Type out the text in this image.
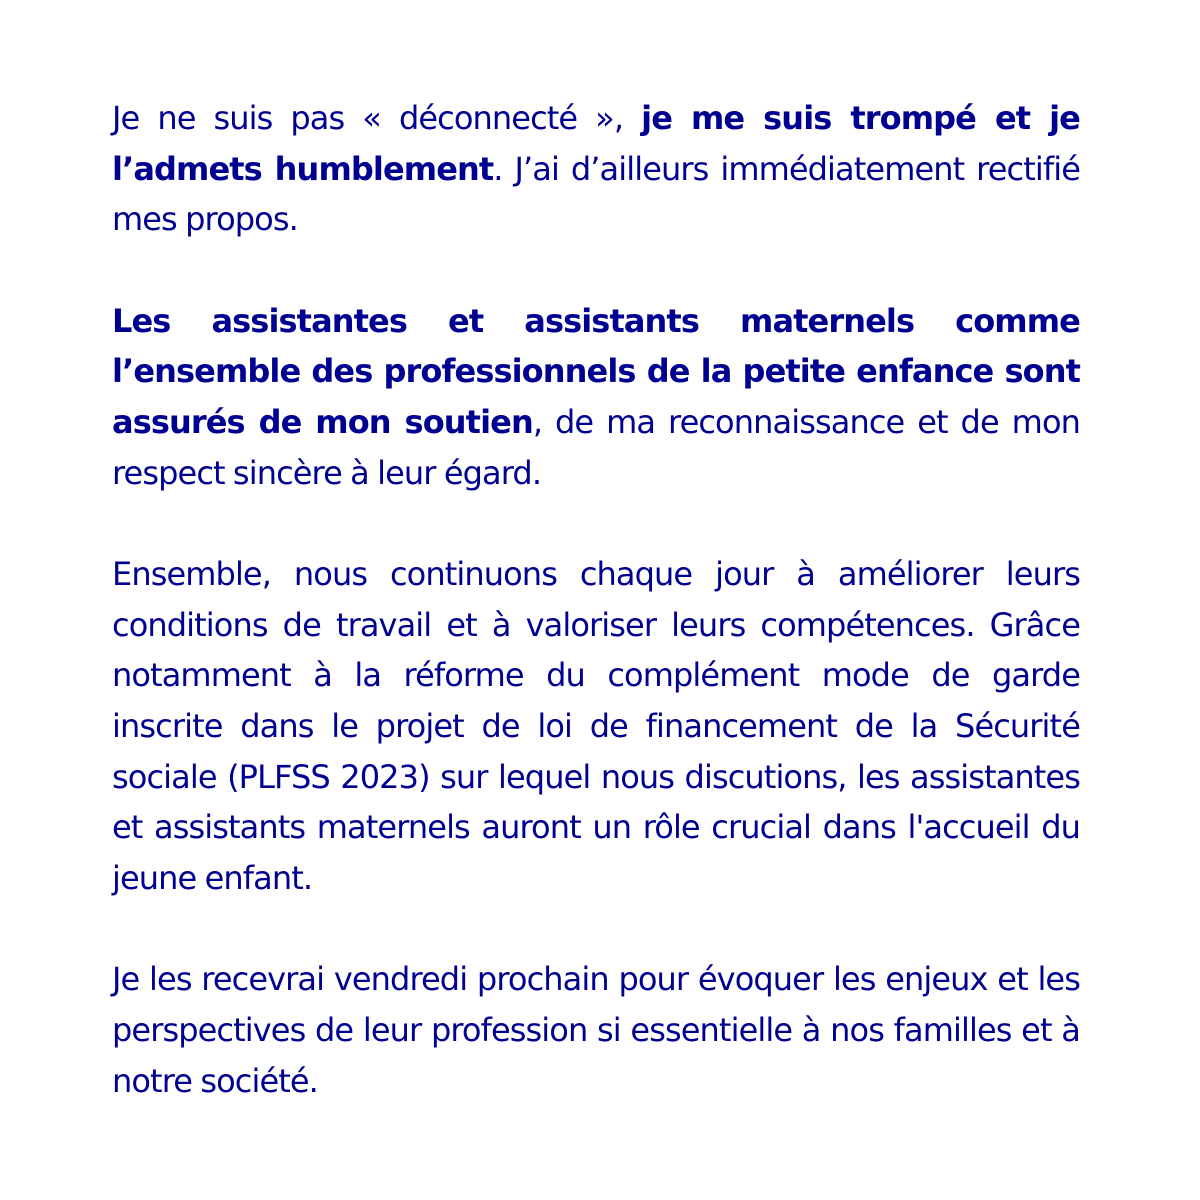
Je ne suis pas « déconnecté », je me suis trompé et je l’admets humblement. J’ai d’ailleurs immédiatement rectifié mes propos.

Les assistantes et assistants maternels comme l’ensemble des professionnels de la petite enfance sont assurés de mon soutien, de ma reconnaissance et de mon respect sincère à leur égard.

Ensemble, nous continuons chaque jour à améliorer leurs conditions de travail et à valoriser leurs compétences. Grâce notamment à la réforme du complément mode de garde inscrite dans le projet de loi de financement de la Sécurité sociale (PLFSS 2023) sur lequel nous discutions, les assistantes et assistants maternels auront un rôle crucial dans l'accueil du jeune enfant.

Je les recevrai vendredi prochain pour évoquer les enjeux et les perspectives de leur profession si essentielle à nos familles et à notre société.
